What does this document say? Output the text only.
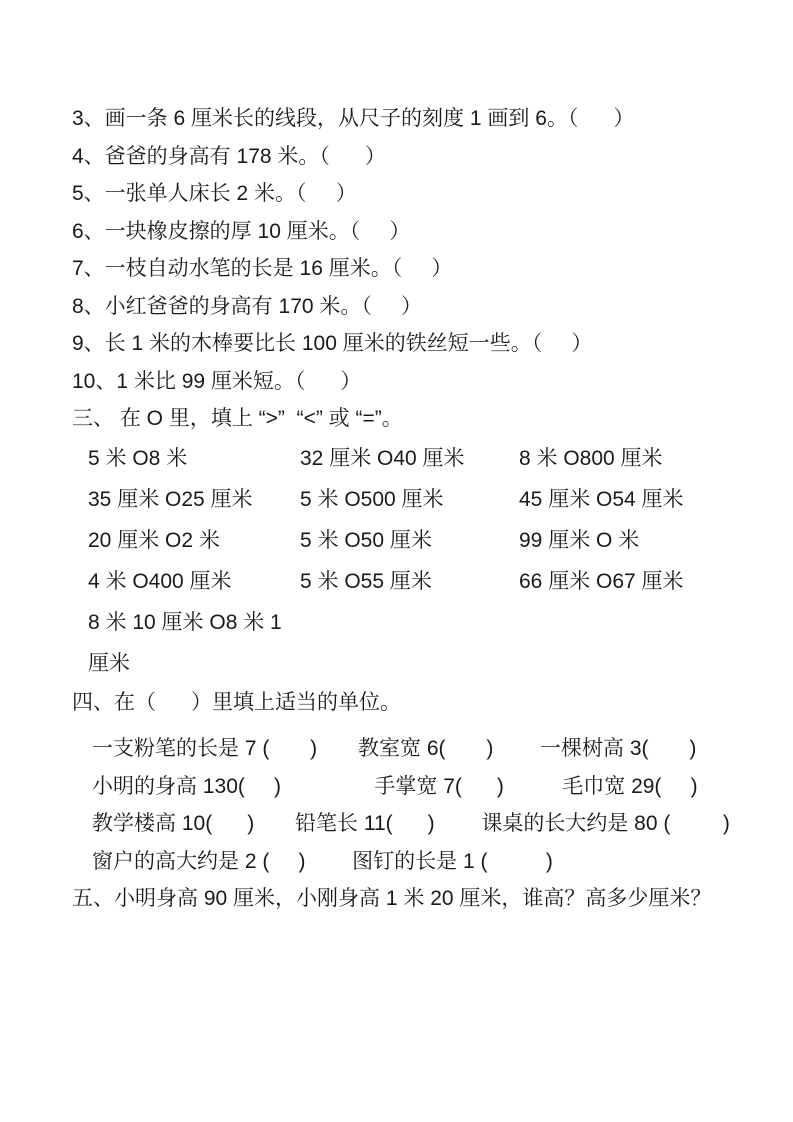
3、画一条 6 厘米长的线段，从尺子的刻度 1 画到 6。（      ）
4、爸爸的身高有 178 米。（      ）
5、一张单人床长 2 米。（     ）
6、一块橡皮擦的厚 10 厘米。（     ）
7、一枝自动水笔的长是 16 厘米。（     ）
8、小红爸爸的身高有 170 米。（     ）
9、长 1 米的木棒要比长 100 厘米的铁丝短一些。（     ）
10、1 米比 99 厘米短。（      ）
三、 在 O 里，填上 “>”  “<” 或 “=”。
5 米 O8 米	32 厘米 O40 厘米	8 米 O800 厘米
35 厘米 O25 厘米	5 米 O500 厘米	45 厘米 O54 厘米
20 厘米 O2 米	5 米 O50 厘米	99 厘米 O 米
4 米 O400 厘米	5 米 O55 厘米	66 厘米 O67 厘米
8 米 10 厘米 O8 米 1 厘米
四、在（      ）里填上适当的单位。
一支粉笔的长是 7 (       )       教室宽 6(       )        一棵树高 3(       )
小明的身高 130(     )                手掌宽 7(      )          毛巾宽 29(     )
教学楼高 10(      )       铅笔长 11(      )        课桌的长大约是 80 (         )
窗户的高大约是 2 (     )        图钉的长是 1 (          )
五、小明身高 90 厘米，小刚身高 1 米 20 厘米，谁高？高多少厘米？
